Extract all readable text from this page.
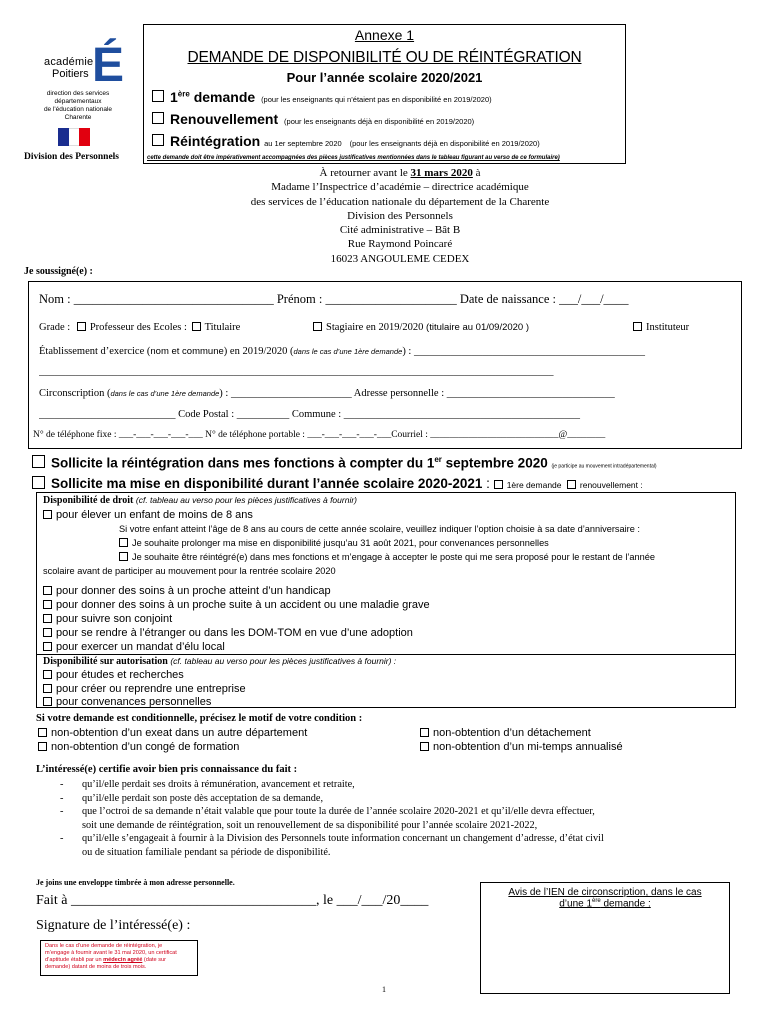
É
académie
Poitiers
direction des services
départementaux
de l'éducation nationale
Charente
Division des Personnels
Annexe 1
DEMANDE DE DISPONIBILITÉ OU DE RÉINTÉGRATION
Pour l’année scolaire 2020/2021
1ère demande (pour les enseignants qui n’étaient pas en disponibilité en 2019/2020)
Renouvellement (pour les enseignants déjà en disponibilité en 2019/2020)
Réintégration au 1er septembre 2020 (pour les enseignants déjà en disponibilité en 2019/2020)
cette demande doit être impérativement accompagnées des pièces justificatives mentionnées dans le tableau figurant au verso de ce formulaire)
À retourner avant le 31 mars 2020 à
Madame l’Inspectrice d’académie – directrice académique
des services de l’éducation nationale du département de la Charente
Division des Personnels
Cité administrative – Bât B
Rue Raymond Poincaré
16023 ANGOULEME CEDEX
Je soussigné(e) :
Nom : ________________________________ Prénom : _____________________ Date de naissance : ___/___/____
Grade : Professeur des Ecoles : Titulaire	Stagiaire en 2019/2020 (titulaire au 01/09/2020 )	Instituteur
Établissement d’exercice (nom et commune) en 2019/2020 (dans le cas d’une 1ère demande) : ____________________________________________
__________________________________________________________________________________________________
Circonscription (dans le cas d’une 1ère demande) : _______________________ Adresse personnelle : ________________________________
__________________________ Code Postal : __________ Commune : _____________________________________________
N° de téléphone fixe : ___-___-___-___-___ N° de téléphone portable : ___-___-___-___-___Courriel : ___________________________@________
Sollicite la réintégration dans mes fonctions à compter du 1er septembre 2020 (je participe au mouvement intradépartemental)
Sollicite ma mise en disponibilité durant l’année scolaire 2020-2021 : 1ère demande renouvellement :
Disponibilité de droit (cf. tableau au verso pour les pièces justificatives à fournir)
pour élever un enfant de moins de 8 ans
Si votre enfant atteint l’âge de 8 ans au cours de cette année scolaire, veuillez indiquer l’option choisie à sa date d’anniversaire :
Je souhaite prolonger ma mise en disponibilité jusqu’au 31 août 2021, pour convenances personnelles
Je souhaite être réintégré(e) dans mes fonctions et m’engage à accepter le poste qui me sera proposé pour le restant de l’année
scolaire avant de participer au mouvement pour la rentrée scolaire 2020
pour donner des soins à un proche atteint d’un handicap
pour donner des soins à un proche suite à un accident ou une maladie grave
pour suivre son conjoint
pour se rendre à l’étranger ou dans les DOM-TOM en vue d’une adoption
pour exercer un mandat d’élu local
Disponibilité sur autorisation (cf. tableau au verso pour les pièces justificatives à fournir) :
pour études et recherches
pour créer ou reprendre une entreprise
pour convenances personnelles
Si votre demande est conditionnelle, précisez le motif de votre condition :
non-obtention d’un exeat dans un autre département
non-obtention d’un congé de formation
non-obtention d’un détachement
non-obtention d’un mi-temps annualisé
L’intéressé(e) certifie avoir bien pris connaissance du fait :
- qu’il/elle perdait ses droits à rémunération, avancement et retraite,
- qu’il/elle perdait son poste dès acceptation de sa demande,
- que l’octroi de sa demande n’était valable que pour toute la durée de l’année scolaire 2020-2021 et qu’il/elle devra effectuer,
soit une demande de réintégration, soit un renouvellement de sa disponibilité pour l’année scolaire 2021-2022,
- qu’il/elle s’engageait à fournir à la Division des Personnels toute information concernant un changement d’adresse, d’état civil
ou de situation familiale pendant sa période de disponibilité.
Je joins une enveloppe timbrée à mon adresse personnelle.
Fait à ___________________________________, le ___/___/20____
Signature de l’intéressé(e) :
Dans le cas d’une demande de réintégration, je
m’engage à fournir avant le 31 mai 2020, un certificat
d’aptitude établi par un médecin agréé (date sur
demande) datant de moins de trois mois.
Avis de l’IEN de circonscription, dans le cas
d’une 1ère demande :
1
